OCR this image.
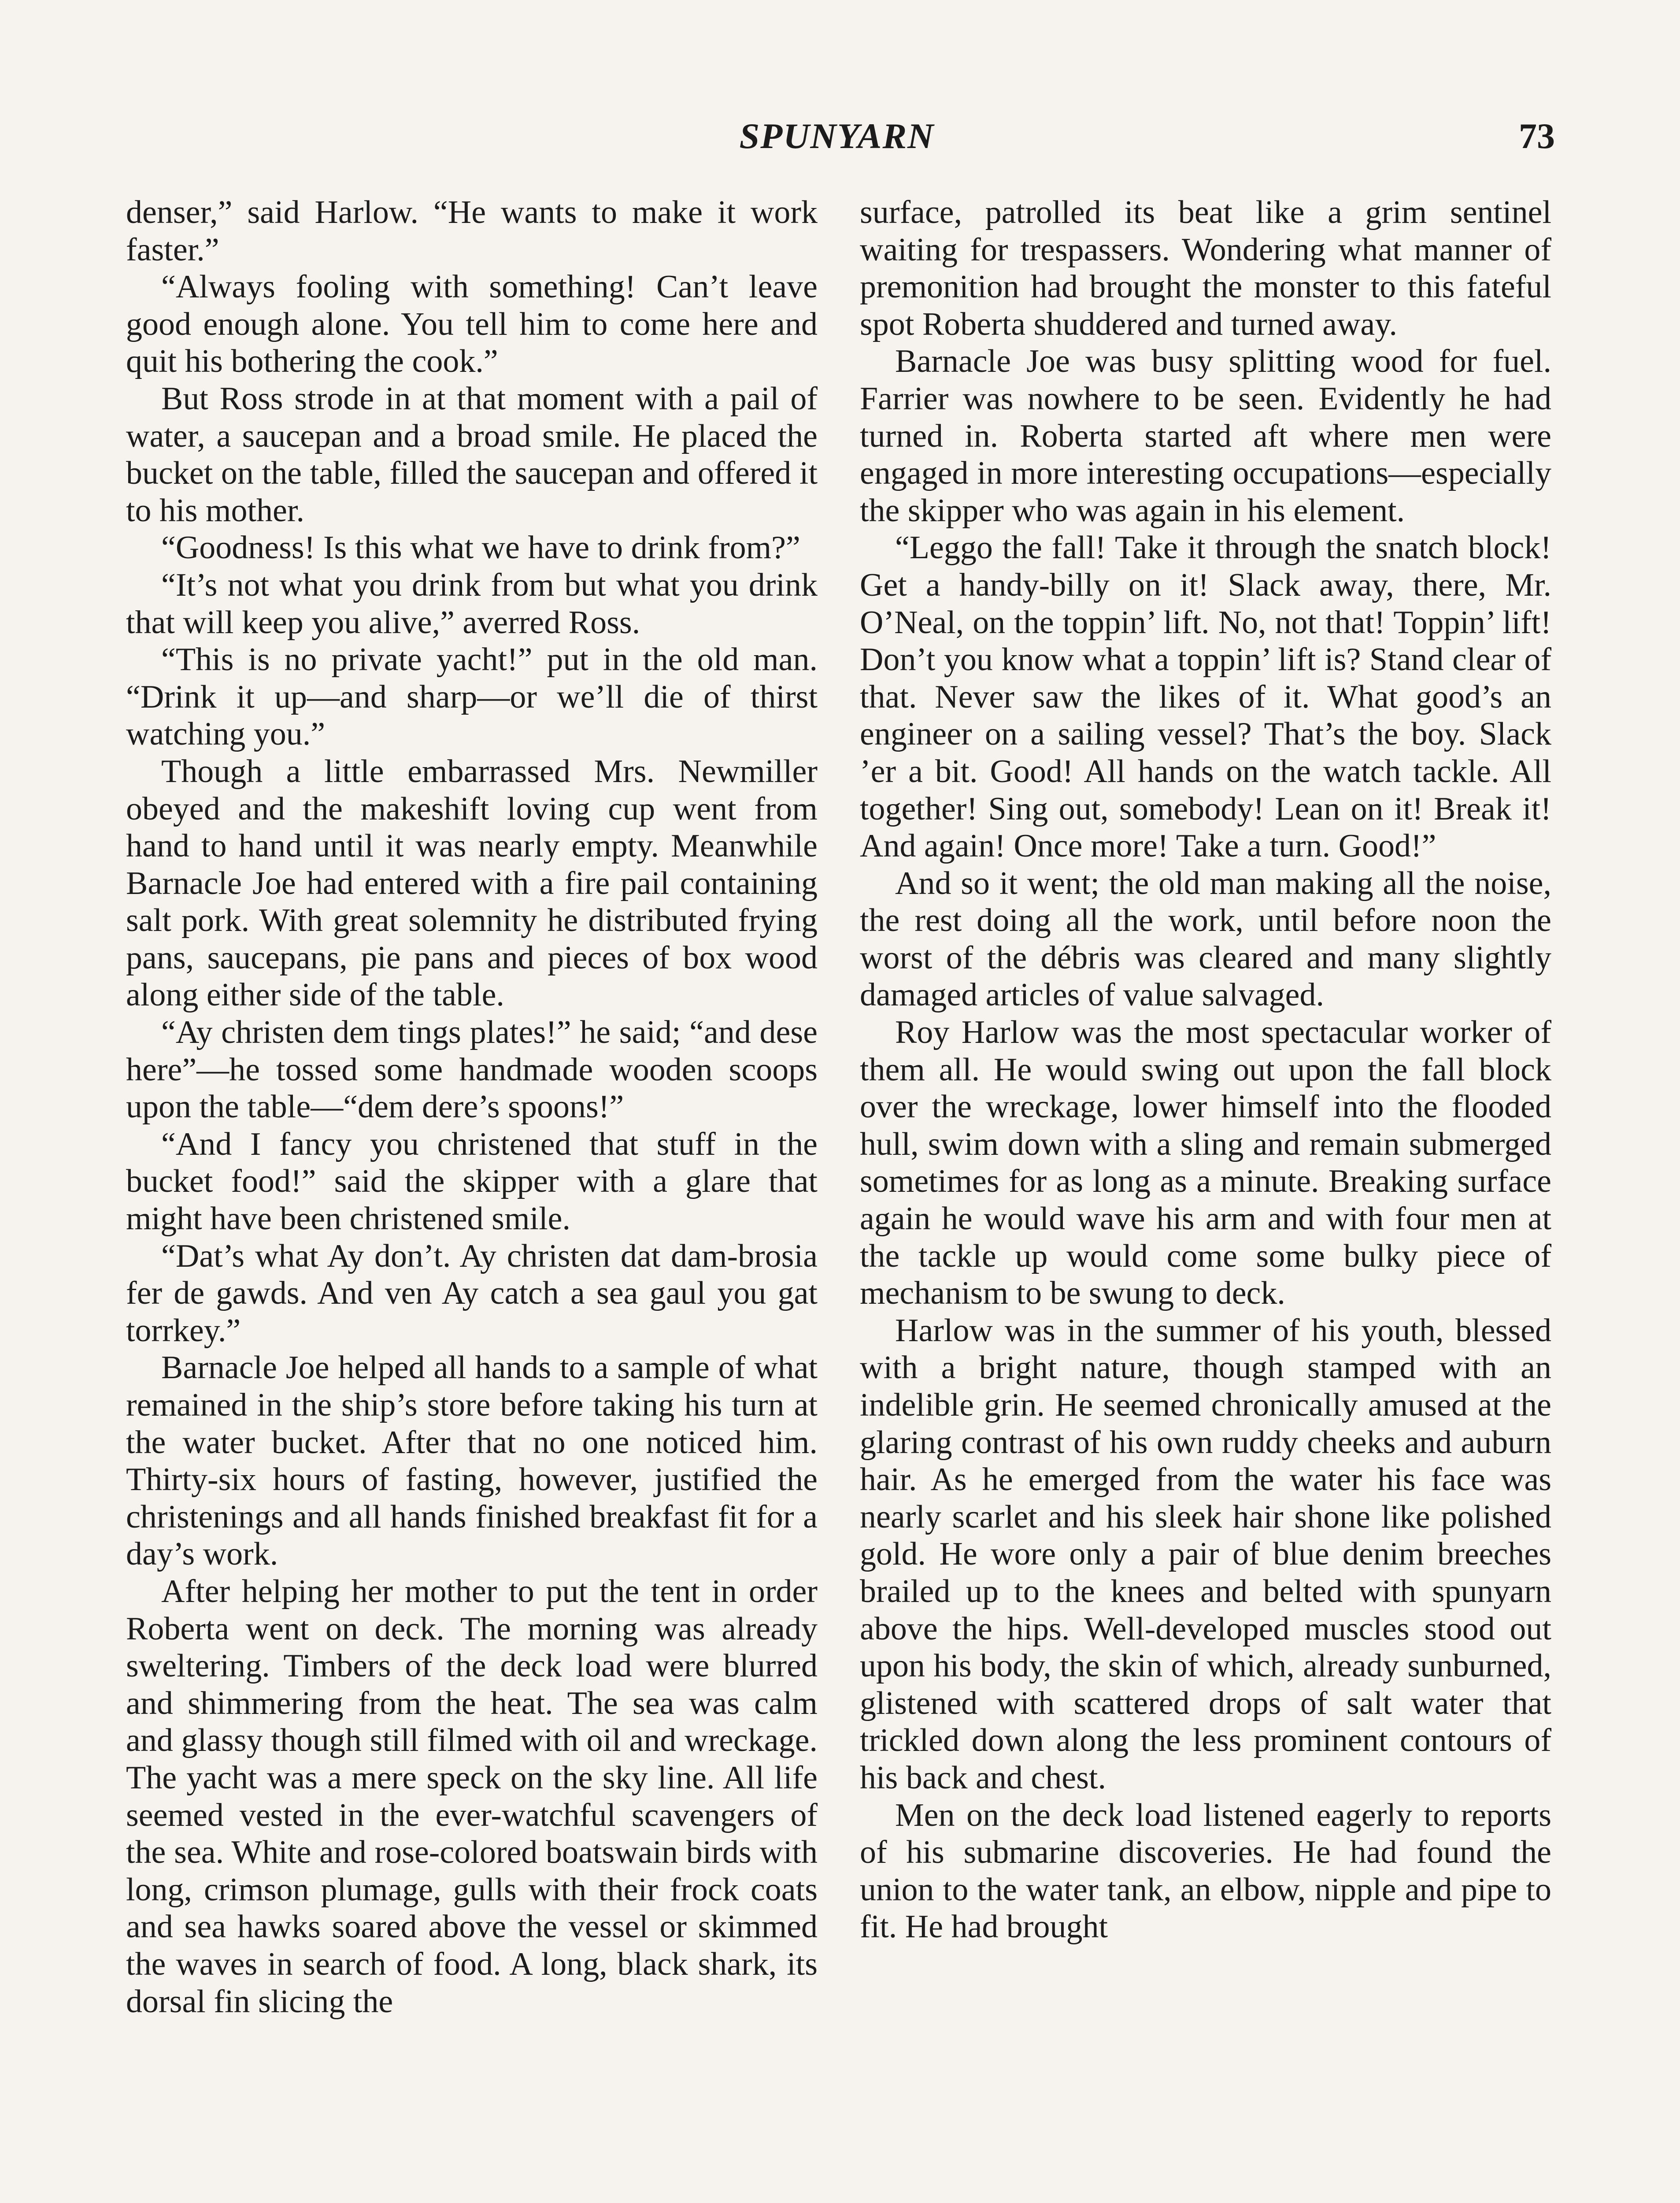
SPUNYARN	73

denser,” said Harlow. “He wants to make it work faster.”

“Always fooling with something! Can’t leave good enough alone. You tell him to come here and quit his bothering the cook.”

But Ross strode in at that moment with a pail of water, a saucepan and a broad smile. He placed the bucket on the table, filled the saucepan and offered it to his mother.

“Goodness! Is this what we have to drink from?”

“It’s not what you drink from but what you drink that will keep you alive,” averred Ross.

“This is no private yacht!” put in the old man. “Drink it up—and sharp—or we’ll die of thirst watching you.”

Though a little embarrassed Mrs. Newmiller obeyed and the makeshift loving cup went from hand to hand until it was nearly empty. Meanwhile Barnacle Joe had entered with a fire pail containing salt pork. With great solemnity he distributed frying pans, saucepans, pie pans and pieces of box wood along either side of the table.

“Ay christen dem tings plates!” he said; “and dese here”—he tossed some handmade wooden scoops upon the table—“dem dere’s spoons!”

“And I fancy you christened that stuff in the bucket food!” said the skipper with a glare that might have been christened smile.

“Dat’s what Ay don’t. Ay christen dat dam-brosia fer de gawds. And ven Ay catch a sea gaul you gat torrkey.”

Barnacle Joe helped all hands to a sample of what remained in the ship’s store before taking his turn at the water bucket. After that no one noticed him. Thirty-six hours of fasting, however, justified the christenings and all hands finished breakfast fit for a day’s work.

After helping her mother to put the tent in order Roberta went on deck. The morning was already sweltering. Timbers of the deck load were blurred and shimmering from the heat. The sea was calm and glassy though still filmed with oil and wreckage. The yacht was a mere speck on the sky line. All life seemed vested in the ever-watchful scavengers of the sea. White and rose-colored boatswain birds with long, crimson plumage, gulls with their frock coats and sea hawks soared above the vessel or skimmed the waves in search of food. A long, black shark, its dorsal fin slicing the

surface, patrolled its beat like a grim sentinel waiting for trespassers. Wondering what manner of premonition had brought the monster to this fateful spot Roberta shuddered and turned away.

Barnacle Joe was busy splitting wood for fuel. Farrier was nowhere to be seen. Evidently he had turned in. Roberta started aft where men were engaged in more interesting occupations—especially the skipper who was again in his element.

“Leggo the fall! Take it through the snatch block! Get a handy-billy on it! Slack away, there, Mr. O’Neal, on the toppin’ lift. No, not that! Toppin’ lift! Don’t you know what a toppin’ lift is? Stand clear of that. Never saw the likes of it. What good’s an engineer on a sailing vessel? That’s the boy. Slack ’er a bit. Good! All hands on the watch tackle. All together! Sing out, somebody! Lean on it! Break it! And again! Once more! Take a turn. Good!”

And so it went; the old man making all the noise, the rest doing all the work, until before noon the worst of the débris was cleared and many slightly damaged articles of value salvaged.

Roy Harlow was the most spectacular worker of them all. He would swing out upon the fall block over the wreckage, lower himself into the flooded hull, swim down with a sling and remain submerged sometimes for as long as a minute. Breaking surface again he would wave his arm and with four men at the tackle up would come some bulky piece of mechanism to be swung to deck.

Harlow was in the summer of his youth, blessed with a bright nature, though stamped with an indelible grin. He seemed chronically amused at the glaring contrast of his own ruddy cheeks and auburn hair. As he emerged from the water his face was nearly scarlet and his sleek hair shone like polished gold. He wore only a pair of blue denim breeches brailed up to the knees and belted with spunyarn above the hips. Well-developed muscles stood out upon his body, the skin of which, already sunburned, glistened with scattered drops of salt water that trickled down along the less prominent contours of his back and chest.

Men on the deck load listened eagerly to reports of his submarine discoveries. He had found the union to the water tank, an elbow, nipple and pipe to fit. He had brought
